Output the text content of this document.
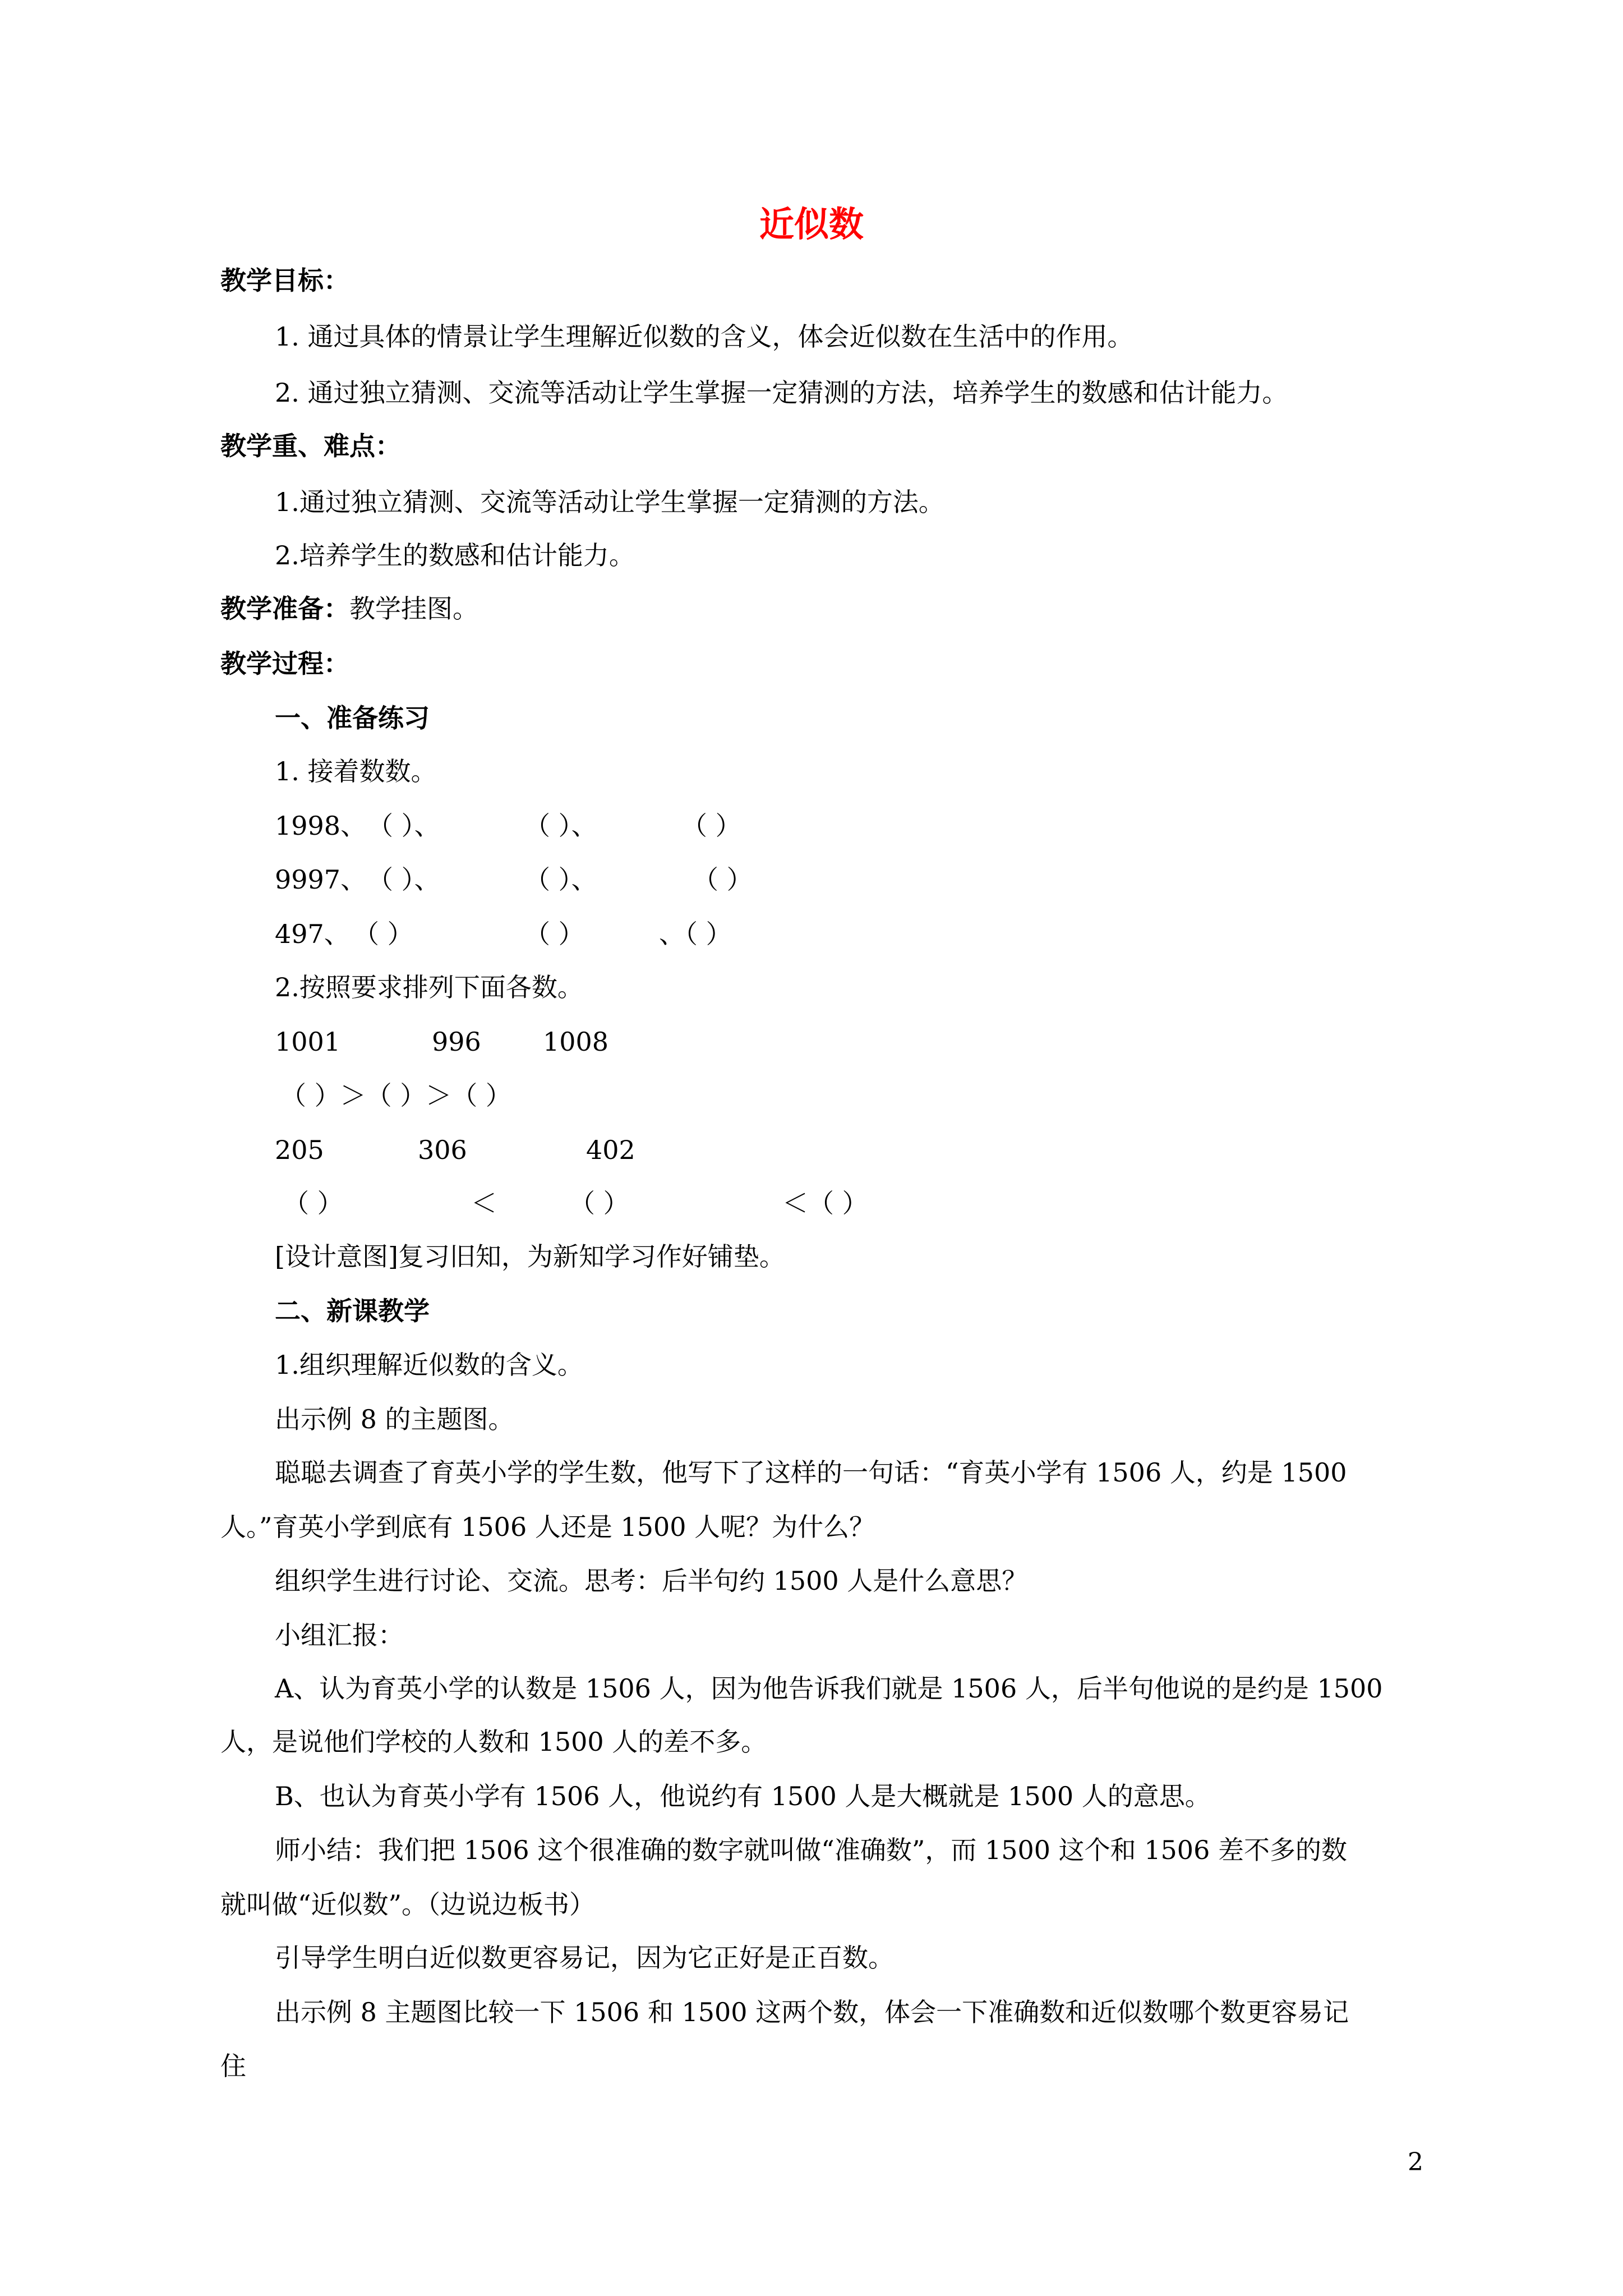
近似数
教学目标：
1. 通过具体的情景让学生理解近似数的含义，体会近似数在生活中的作用。
2. 通过独立猜测、交流等活动让学生掌握一定猜测的方法，培养学生的数感和估计能力。
教学重、难点：
1.通过独立猜测、交流等活动让学生掌握一定猜测的方法。
2.培养学生的数感和估计能力。
教学准备：教学挂图。
教学过程：
一、准备练习
1. 接着数数。
1998、 （ ）、	（ ）、	（ ）
9997、 （ ）、	（ ）、	（ ）
497、 （ ）	（ ）	、（ ）
2.按照要求排列下面各数。
1001	996 1008
（ ）＞（ ）＞（ ）
205	306	402
（ ）	＜	（ ）	＜（ ）
[设计意图]复习旧知，为新知学习作好铺垫。
二、新课教学
1.组织理解近似数的含义。
出示例 8 的主题图。
聪聪去调查了育英小学的学生数，他写下了这样的一句话：“育英小学有 1506 人，约是 1500
人。”育英小学到底有 1506 人还是 1500 人呢？为什么？
组织学生进行讨论、交流。思考：后半句约 1500 人是什么意思？
小组汇报：
A、认为育英小学的认数是 1506 人，因为他告诉我们就是 1506 人，后半句他说的是约是 1500
人，是说他们学校的人数和 1500 人的差不多。
B、也认为育英小学有 1506 人，他说约有 1500 人是大概就是 1500 人的意思。
师小结：我们把 1506 这个很准确的数字就叫做“准确数”，而 1500 这个和 1506 差不多的数
就叫做“近似数”。（边说边板书）
引导学生明白近似数更容易记，因为它正好是正百数。
出示例 8 主题图比较一下 1506 和 1500 这两个数，体会一下准确数和近似数哪个数更容易记
住
2
